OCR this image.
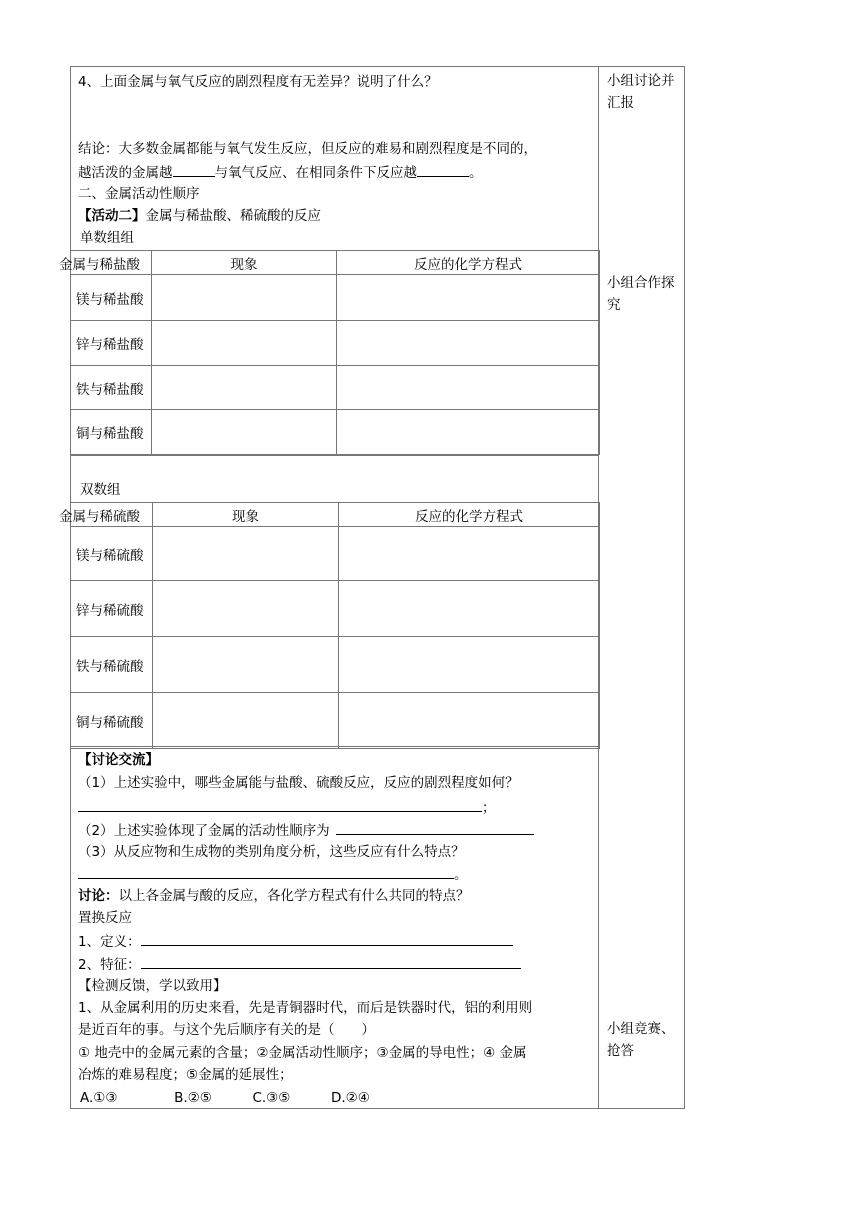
小组讨论并汇报
小组合作探究
小组竞赛、抢答
4、上面金属与氧气反应的剧烈程度有无差异？说明了什么？
结论：大多数金属都能与氧气发生反应，但反应的难易和剧烈程度是不同的，
越活泼的金属越	与氧气反应、在相同条件下反应越	。
二、金属活动性顺序
【活动二】金属与稀盐酸、稀硫酸的反应
单数组组
金属与稀盐酸	现象	反应的化学方程式
镁与稀盐酸		
锌与稀盐酸		
铁与稀盐酸		
铜与稀盐酸		
双数组
金属与稀硫酸	现象	反应的化学方程式
镁与稀硫酸		
锌与稀硫酸		
铁与稀硫酸		
铜与稀硫酸		
【讨论交流】
（1）上述实验中，哪些金属能与盐酸、硫酸反应，反应的剧烈程度如何？
；
（2）上述实验体现了金属的活动性顺序为
（3）从反应物和生成物的类别角度分析，这些反应有什么特点？
。
讨论：以上各金属与酸的反应，各化学方程式有什么共同的特点？
置换反应
1、定义：
2、特征：
【检测反馈，学以致用】
1、从金属利用的历史来看，先是青铜器时代，而后是铁器时代，铝的利用则
是近百年的事。与这个先后顺序有关的是（　　）
① 地壳中的金属元素的含量；②金属活动性顺序；③金属的导电性；④ 金属
冶炼的难易程度；⑤金属的延展性；
A.①③	B.②⑤	C.③⑤	D.②④
